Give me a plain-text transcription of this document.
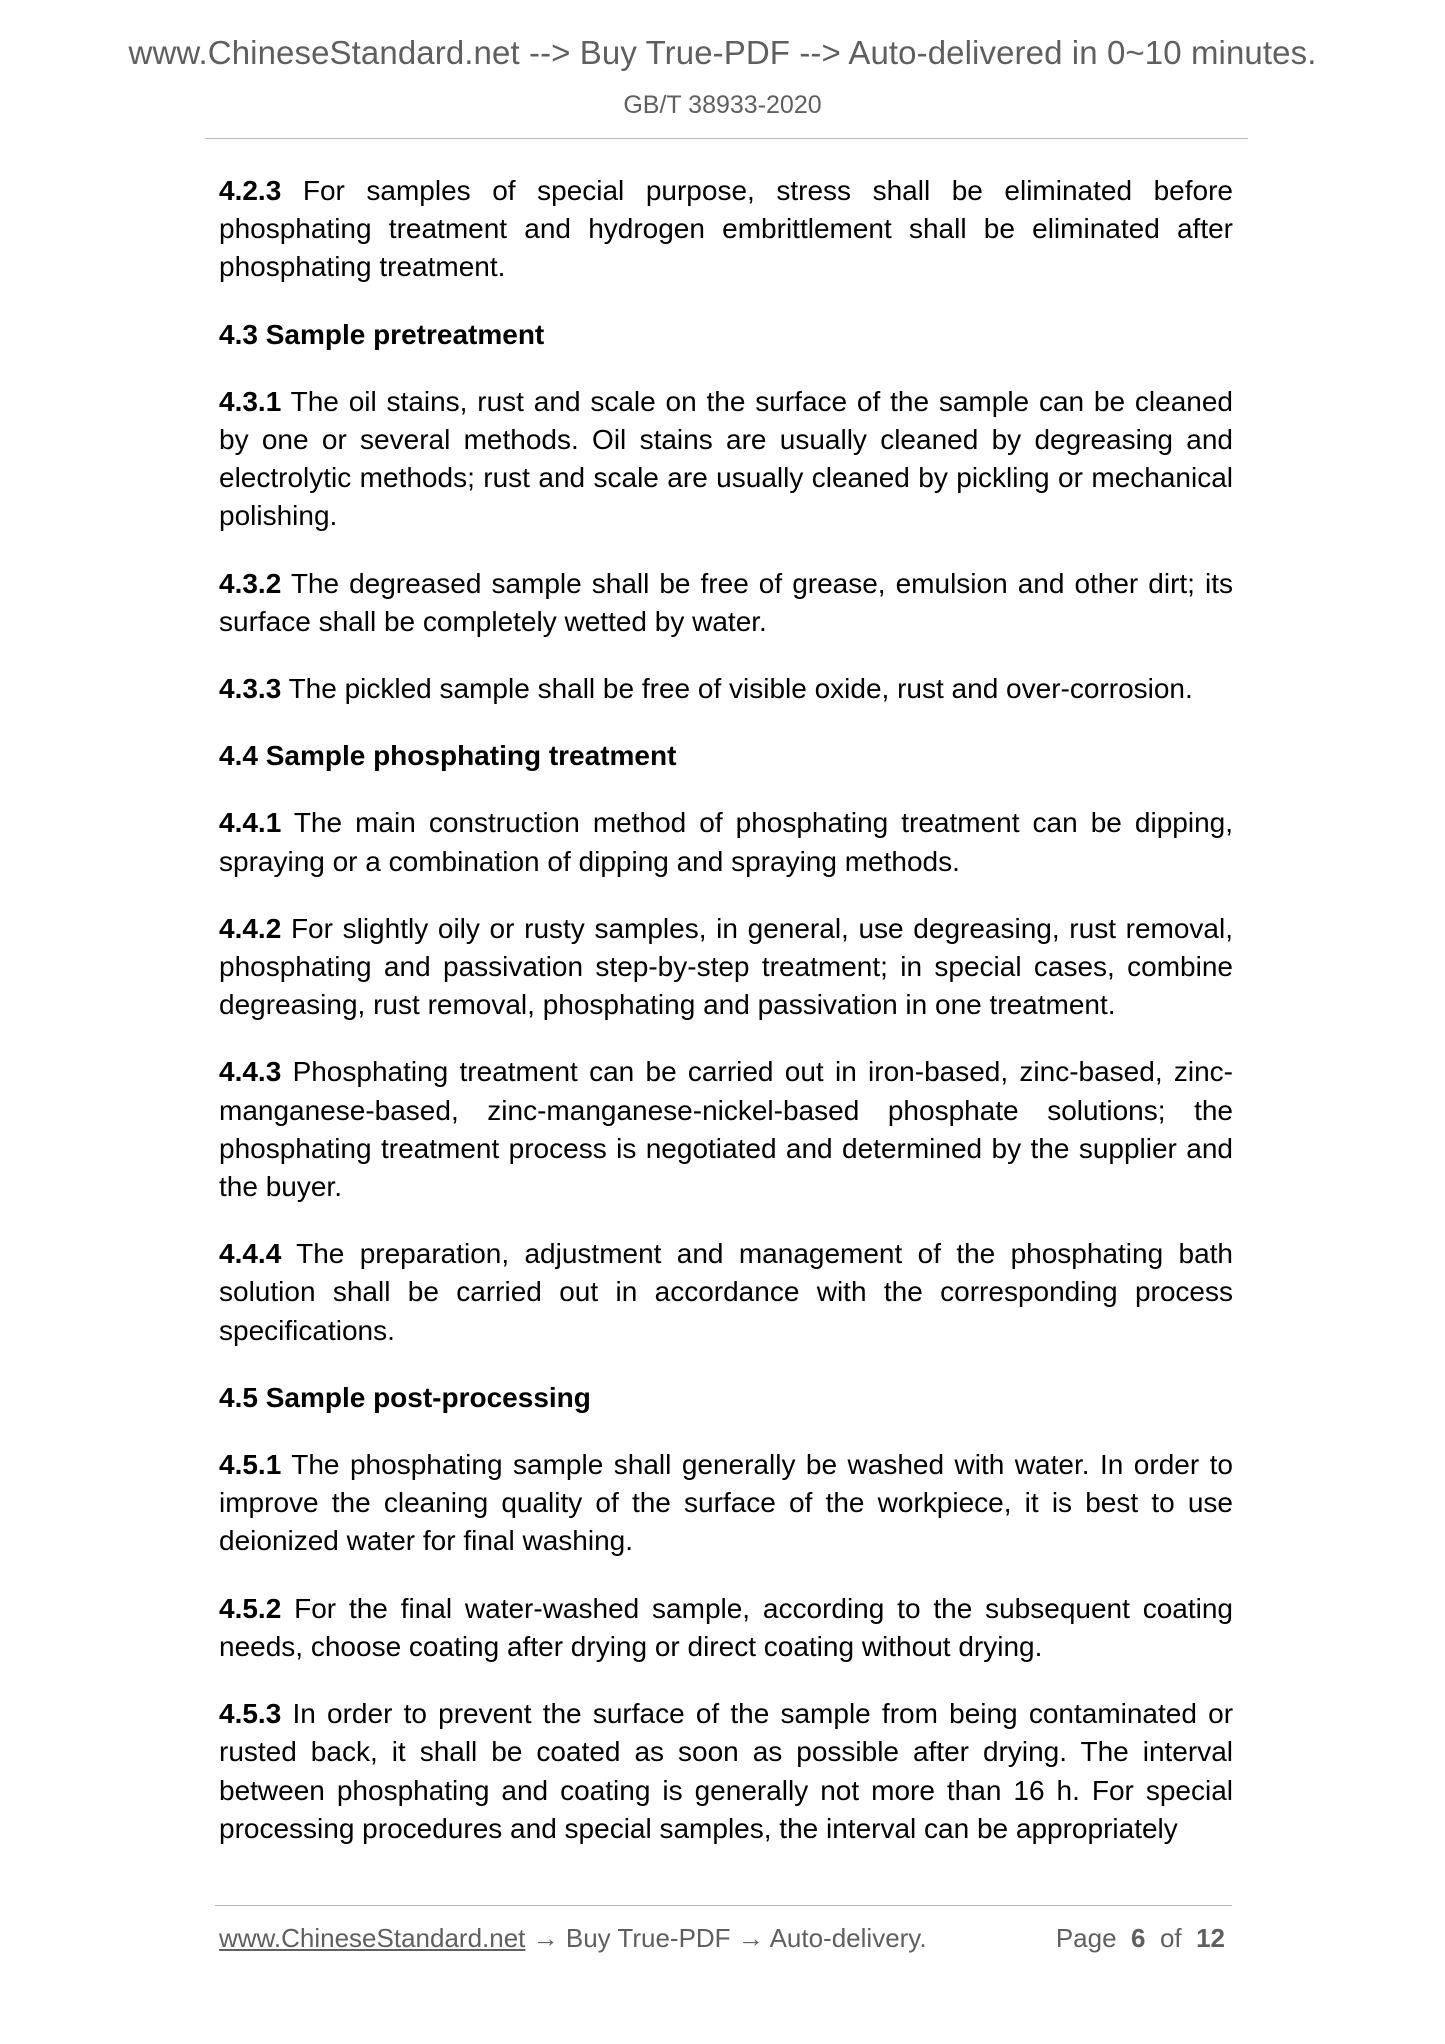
www.ChineseStandard.net --> Buy True-PDF --> Auto-delivered in 0~10 minutes.
GB/T 38933-2020

4.2.3 For samples of special purpose, stress shall be eliminated before phosphating treatment and hydrogen embrittlement shall be eliminated after phosphating treatment.

4.3 Sample pretreatment

4.3.1 The oil stains, rust and scale on the surface of the sample can be cleaned by one or several methods. Oil stains are usually cleaned by degreasing and electrolytic methods; rust and scale are usually cleaned by pickling or mechanical polishing.

4.3.2 The degreased sample shall be free of grease, emulsion and other dirt; its surface shall be completely wetted by water.

4.3.3 The pickled sample shall be free of visible oxide, rust and over-corrosion.

4.4 Sample phosphating treatment

4.4.1 The main construction method of phosphating treatment can be dipping, spraying or a combination of dipping and spraying methods.

4.4.2 For slightly oily or rusty samples, in general, use degreasing, rust removal, phosphating and passivation step-by-step treatment; in special cases, combine degreasing, rust removal, phosphating and passivation in one treatment.

4.4.3 Phosphating treatment can be carried out in iron-based, zinc-based, zinc-manganese-based, zinc-manganese-nickel-based phosphate solutions; the phosphating treatment process is negotiated and determined by the supplier and the buyer.

4.4.4 The preparation, adjustment and management of the phosphating bath solution shall be carried out in accordance with the corresponding process specifications.

4.5 Sample post-processing

4.5.1 The phosphating sample shall generally be washed with water. In order to improve the cleaning quality of the surface of the workpiece, it is best to use deionized water for final washing.

4.5.2 For the final water-washed sample, according to the subsequent coating needs, choose coating after drying or direct coating without drying.

4.5.3 In order to prevent the surface of the sample from being contaminated or rusted back, it shall be coated as soon as possible after drying. The interval between phosphating and coating is generally not more than 16 h. For special processing procedures and special samples, the interval can be appropriately

www.ChineseStandard.net → Buy True-PDF → Auto-delivery.	Page 6 of 12
